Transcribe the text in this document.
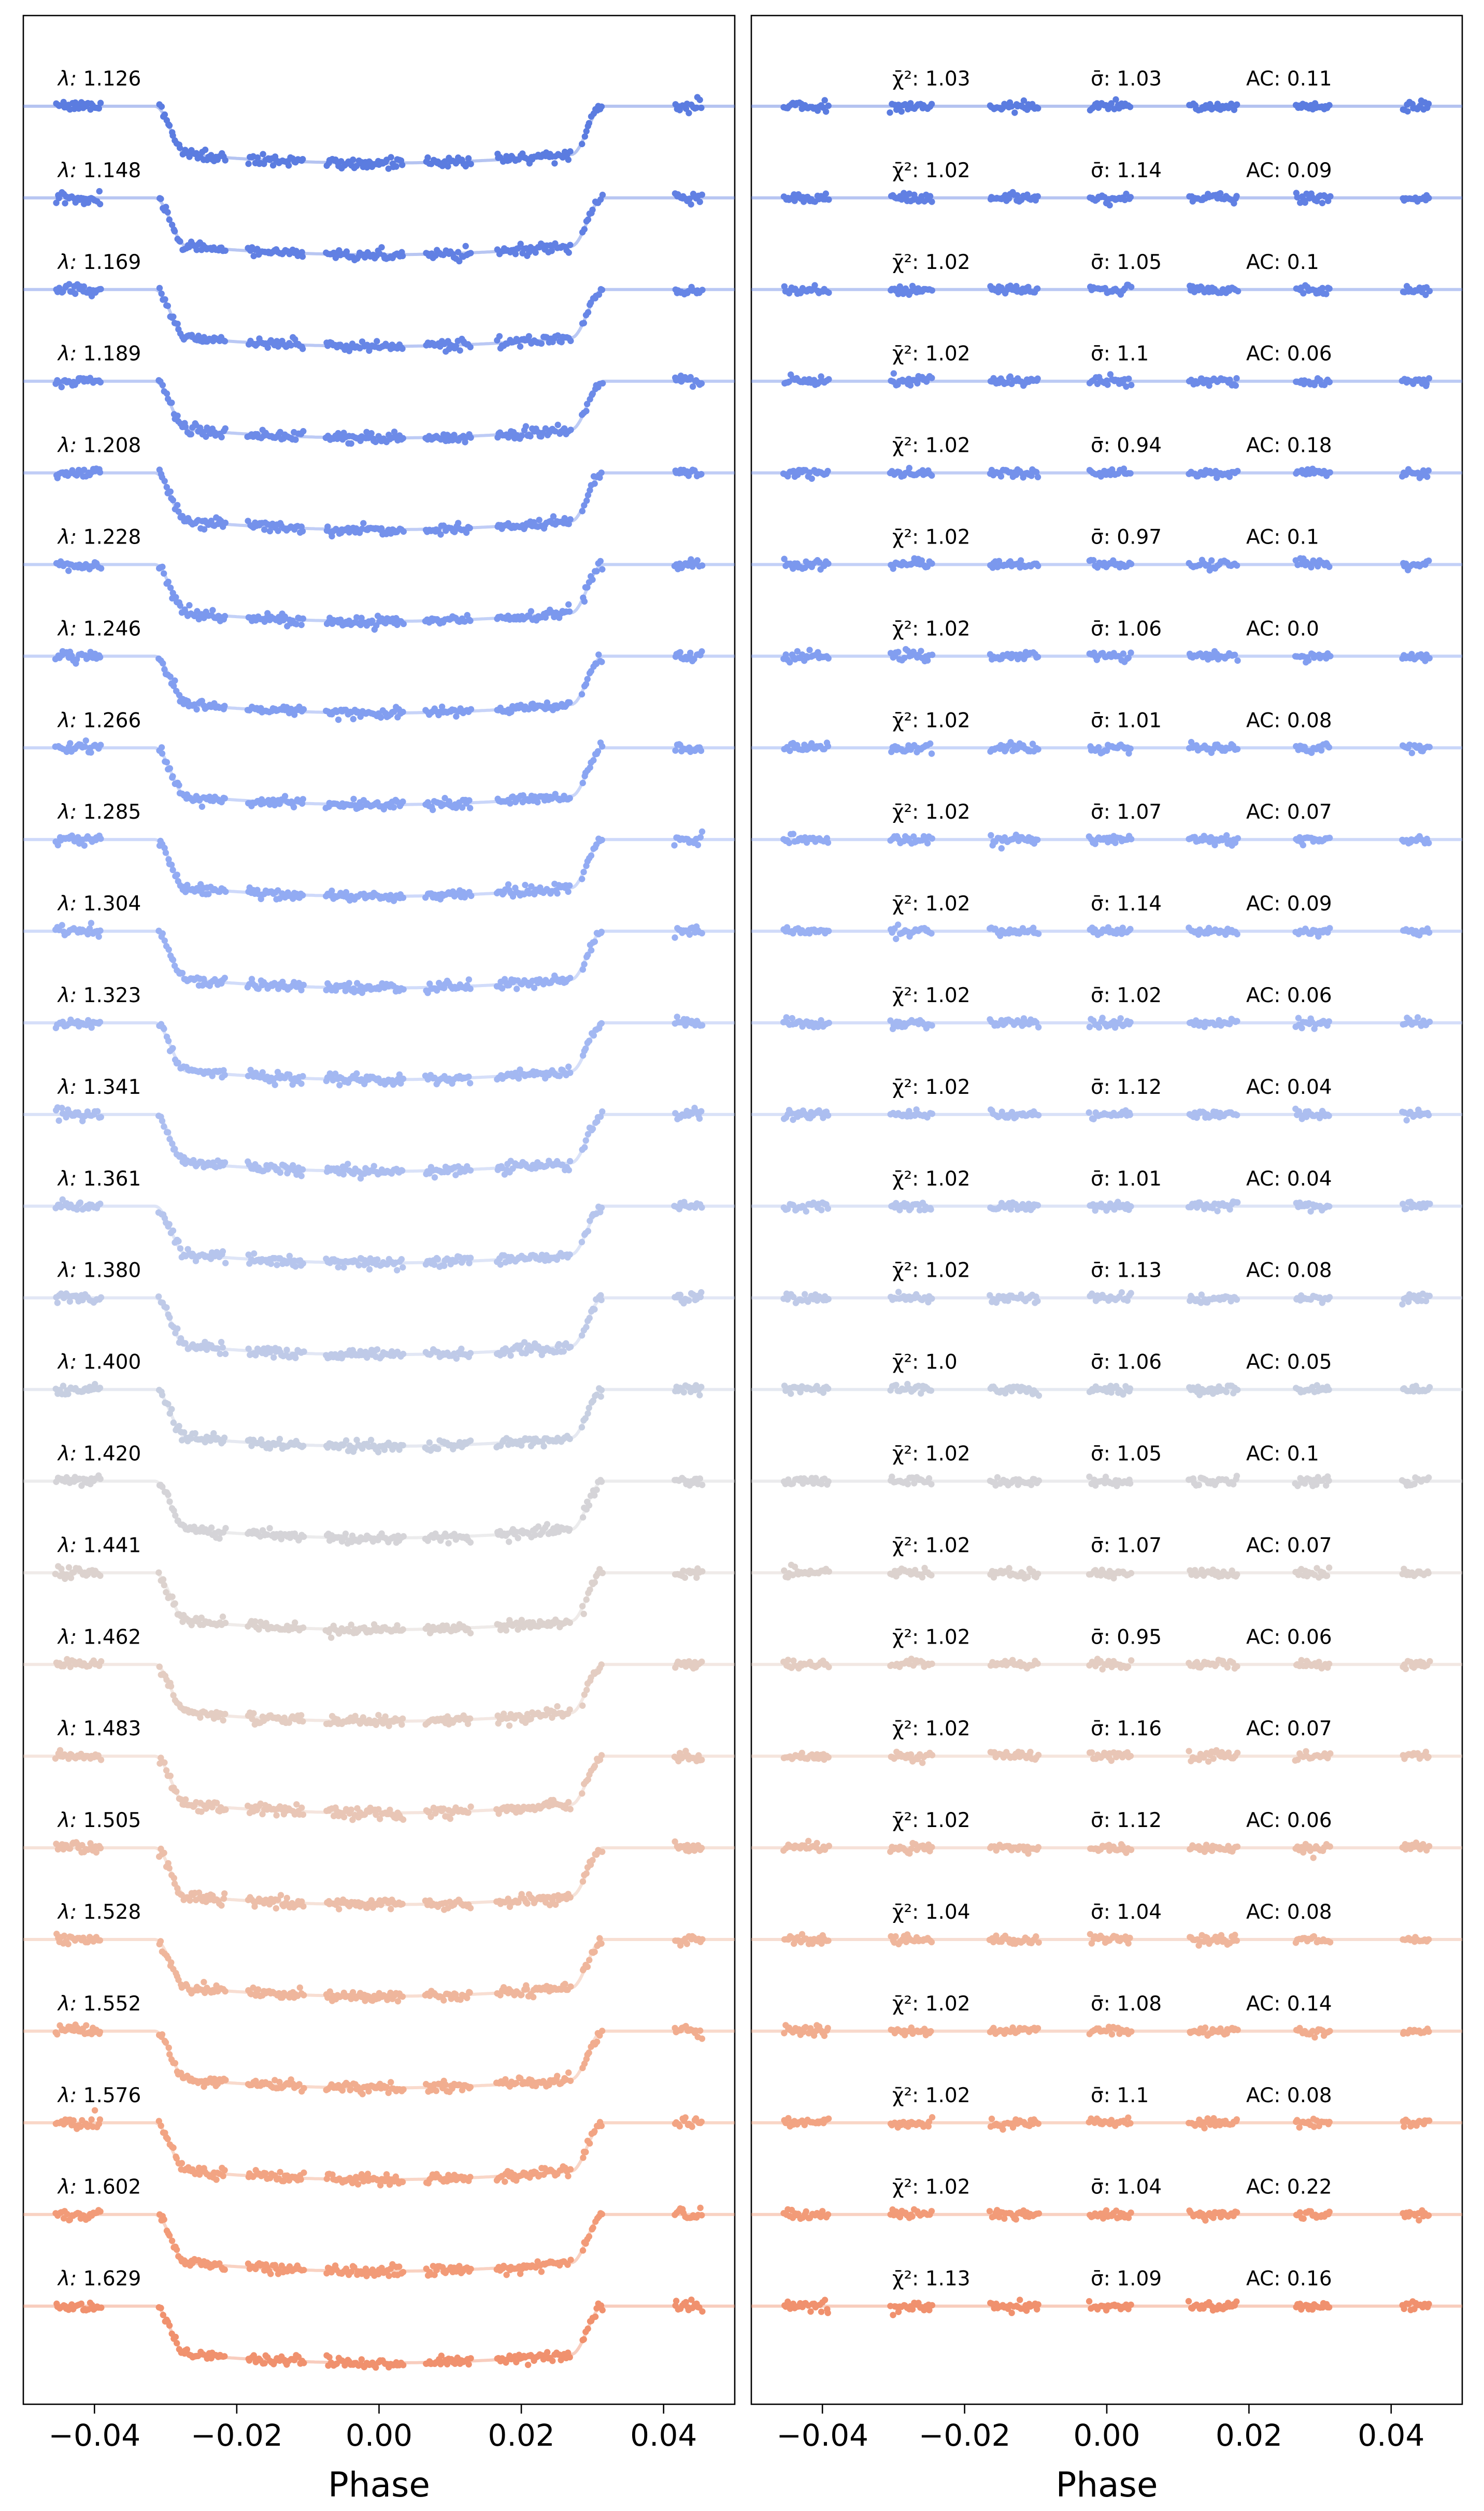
−0.04 −0.02 0.00	0.02	0.04
Phase
λ: 1.126
λ: 1.148
λ: 1.169
λ: 1.189
λ: 1.208
λ: 1.228
λ: 1.246
λ: 1.266
λ: 1.285
λ: 1.304
λ: 1.323
λ: 1.341
λ: 1.361
λ: 1.380
λ: 1.400
λ: 1.420
λ: 1.441
λ: 1.462
λ: 1.483
λ: 1.505
λ: 1.528
λ: 1.552
λ: 1.576
λ: 1.602
λ: 1.629
−0.04 −0.02 0.00	0.02	0.04
Phase
χ̄²: 1.03	σ̄: 1.03	AC: 0.11
χ̄²: 1.02	σ̄: 1.14	AC: 0.09
χ̄²: 1.02	σ̄: 1.05	AC: 0.1
χ̄²: 1.02	σ̄: 1.1	AC: 0.06
χ̄²: 1.02	σ̄: 0.94	AC: 0.18
χ̄²: 1.02	σ̄: 0.97	AC: 0.1
χ̄²: 1.02	σ̄: 1.06	AC: 0.0
χ̄²: 1.02	σ̄: 1.01	AC: 0.08
χ̄²: 1.02	σ̄: 1.07	AC: 0.07
χ̄²: 1.02	σ̄: 1.14	AC: 0.09
χ̄²: 1.02	σ̄: 1.02	AC: 0.06
χ̄²: 1.02	σ̄: 1.12	AC: 0.04
χ̄²: 1.02	σ̄: 1.01	AC: 0.04
χ̄²: 1.02	σ̄: 1.13	AC: 0.08
χ̄²: 1.0	σ̄: 1.06	AC: 0.05
χ̄²: 1.02	σ̄: 1.05	AC: 0.1
χ̄²: 1.02	σ̄: 1.07	AC: 0.07
χ̄²: 1.02	σ̄: 0.95	AC: 0.06
χ̄²: 1.02	σ̄: 1.16	AC: 0.07
χ̄²: 1.02	σ̄: 1.12	AC: 0.06
χ̄²: 1.04	σ̄: 1.04	AC: 0.08
χ̄²: 1.02	σ̄: 1.08	AC: 0.14
χ̄²: 1.02	σ̄: 1.1	AC: 0.08
χ̄²: 1.02	σ̄: 1.04	AC: 0.22
χ̄²: 1.13	σ̄: 1.09	AC: 0.16
